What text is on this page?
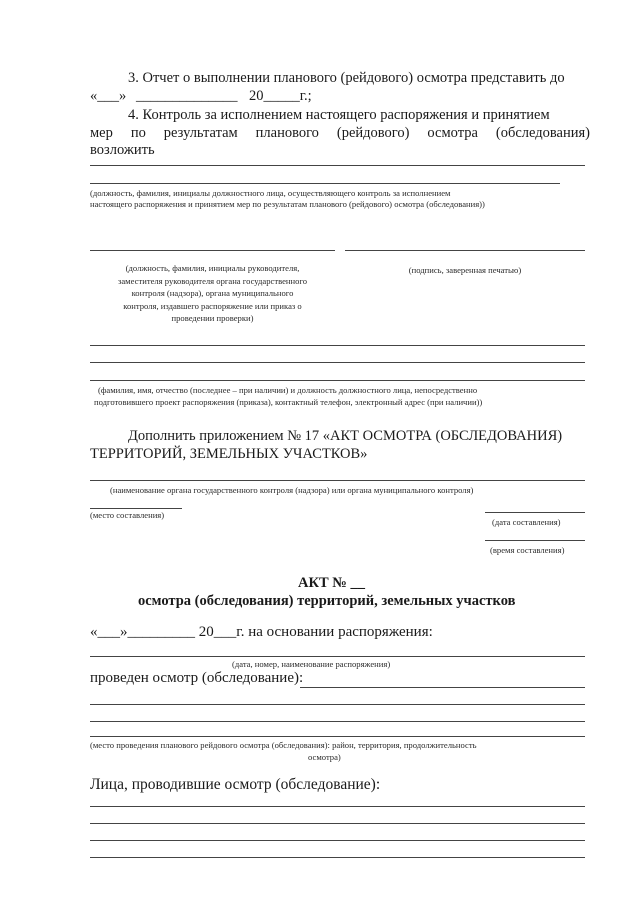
3. Отчет о выполнении планового (рейдового) осмотра представить до
«___» ______________ 20_____г.;
4. Контроль за исполнением настоящего распоряжения и принятием
мер по результатам планового (рейдового) осмотра (обследования)
возложить
(должность, фамилия, инициалы должностного лица, осуществляющего контроль за исполнением
настоящего распоряжения и принятием мер по результатам планового (рейдового) осмотра (обследования))
(должность, фамилия, инициалы руководителя,
заместителя руководителя органа государственного
контроля (надзора), органа муниципального
контроля, издавшего распоряжение или приказ о
проведении проверки)
(подпись, заверенная печатью)
(фамилия, имя, отчество (последнее – при наличии) и должность должностного лица, непосредственно
подготовившего проект распоряжения (приказа), контактный телефон, электронный адрес (при наличии))
Дополнить приложением № 17 «АКТ ОСМОТРА (ОБСЛЕДОВАНИЯ)
ТЕРРИТОРИЙ, ЗЕМЕЛЬНЫХ УЧАСТКОВ»
(наименование органа государственного контроля (надзора) или органа муниципального контроля)
(место составления)
(дата составления)
(время составления)
АКТ № __
осмотра (обследования) территорий, земельных участков
«___»_________ 20___г. на основании распоряжения:
(дата, номер, наименование распоряжения)
проведен осмотр (обследование):
(место проведения планового рейдового осмотра (обследования): район, территория, продолжительность
осмотра)
Лица, проводившие осмотр (обследование):
